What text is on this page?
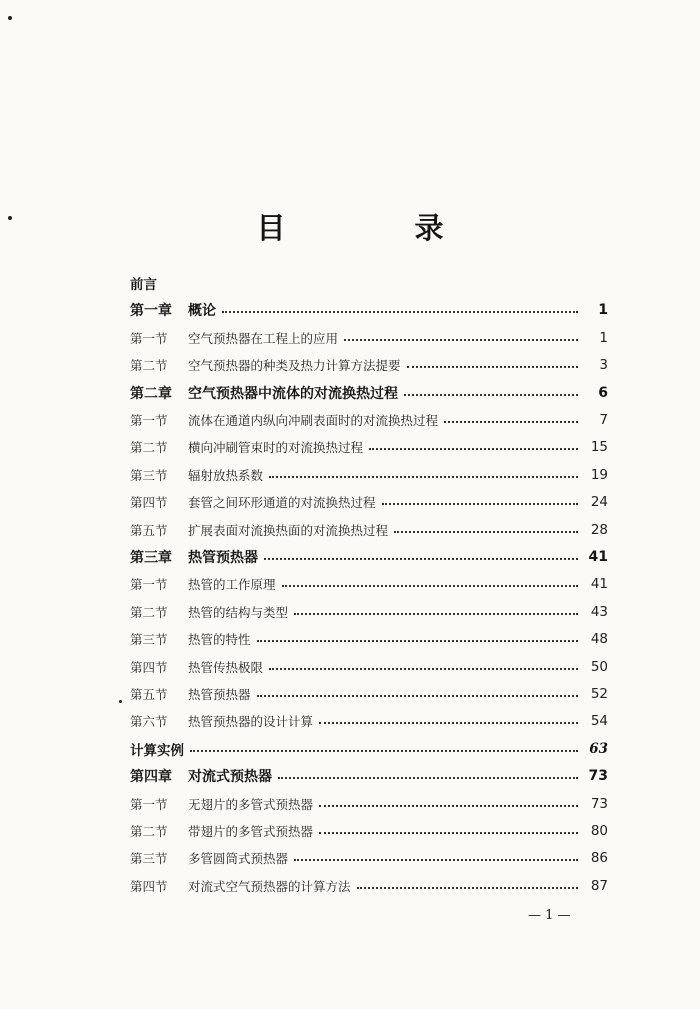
目　录
前言
第一章	概论	1
第一节	空气预热器在工程上的应用	1
第二节	空气预热器的种类及热力计算方法提要	3
第二章	空气预热器中流体的对流换热过程	6
第一节	流体在通道内纵向冲刷表面时的对流换热过程	7
第二节	横向冲刷管束时的对流换热过程	15
第三节	辐射放热系数	19
第四节	套管之间环形通道的对流换热过程	24
第五节	扩展表面对流换热面的对流换热过程	28
第三章	热管预热器	41
第一节	热管的工作原理	41
第二节	热管的结构与类型	43
第三节	热管的特性	48
第四节	热管传热极限	50
第五节	热管预热器	52
第六节	热管预热器的设计计算	54
计算实例	63
第四章	对流式预热器	73
第一节	无翅片的多管式预热器	73
第二节	带翅片的多管式预热器	80
第三节	多管圆筒式预热器	86
第四节	对流式空气预热器的计算方法	87
— 1 —
